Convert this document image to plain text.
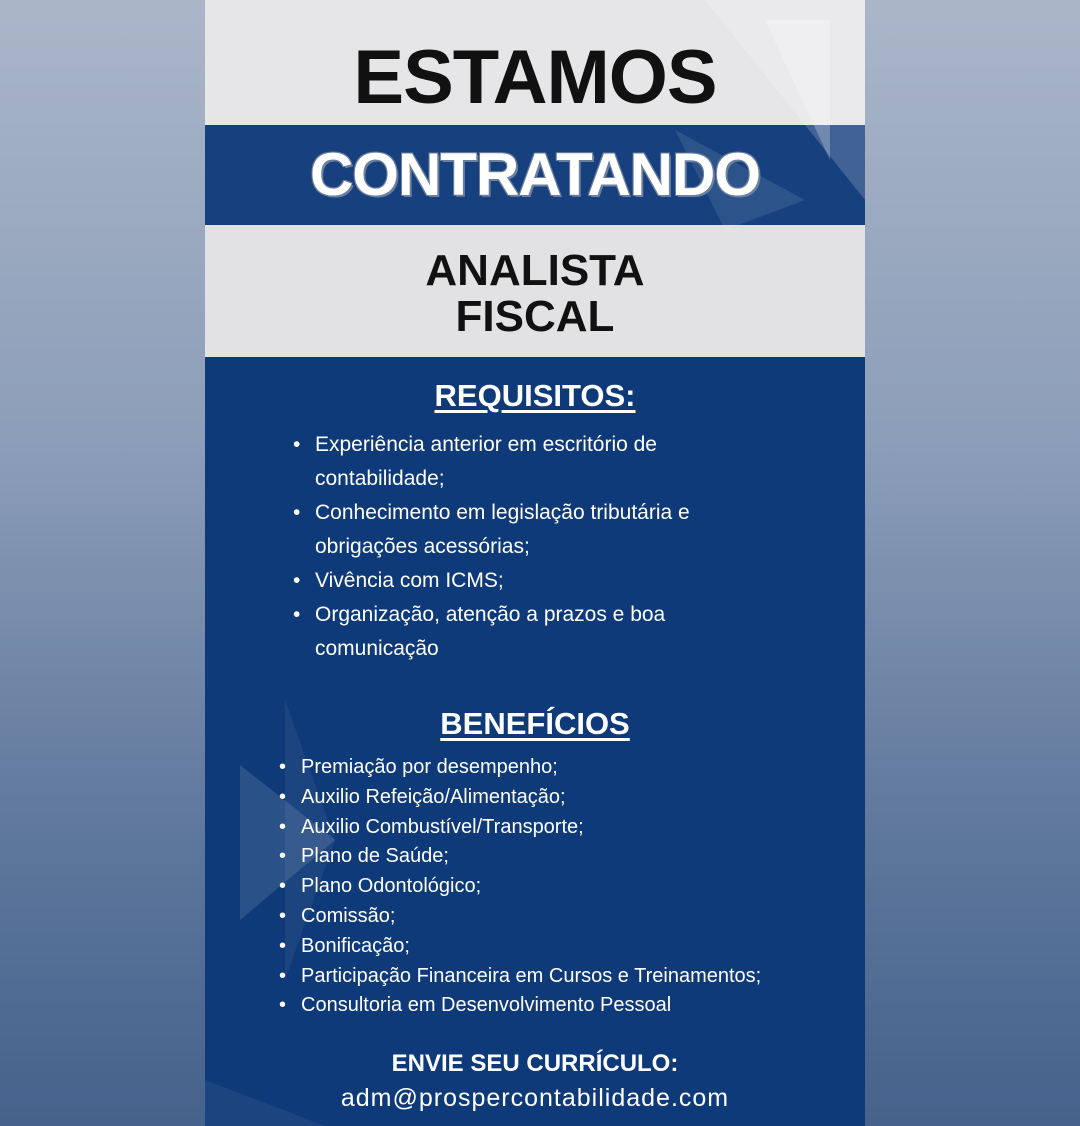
ESTAMOS
CONTRATANDO
ANALISTA
FISCAL
REQUISITOS:
• Experiência anterior em escritório de contabilidade;
• Conhecimento em legislação tributária e obrigações acessórias;
• Vivência com ICMS;
• Organização, atenção a prazos e boa comunicação
BENEFÍCIOS
• Premiação por desempenho;
• Auxilio Refeição/Alimentação;
• Auxilio Combustível/Transporte;
• Plano de Saúde;
• Plano Odontológico;
• Comissão;
• Bonificação;
• Participação Financeira em Cursos e Treinamentos;
• Consultoria em Desenvolvimento Pessoal
ENVIE SEU CURRÍCULO:
adm@prospercontabilidade.com
